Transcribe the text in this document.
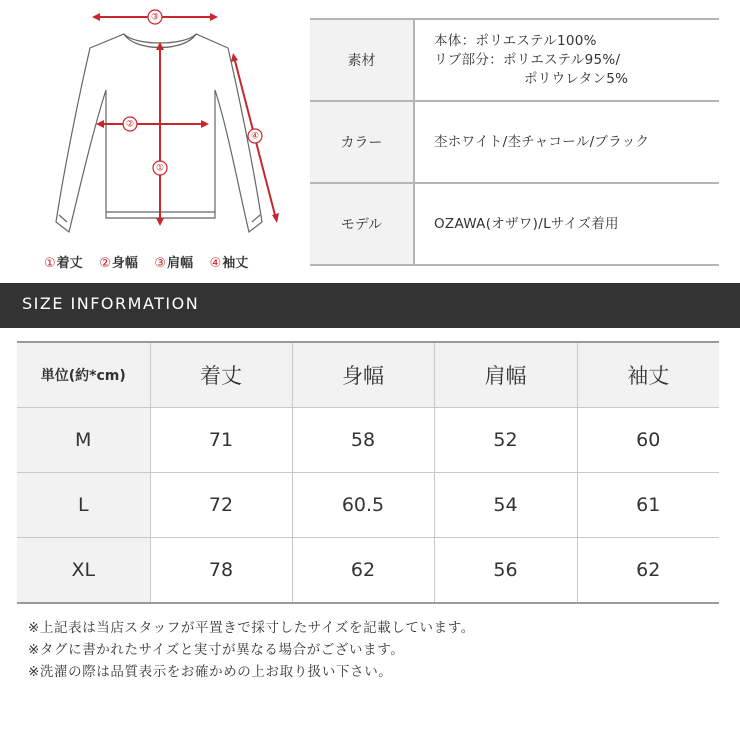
③
②
①
④
①着丈 ②身幅 ③肩幅 ④袖丈
素材	本体：ポリエステル100%
リブ部分：ポリエステル95%/
ポリウレタン5%

カラー	杢ホワイト/杢チャコール/ブラック
モデル	OZAWA(オザワ)/Lサイズ着用
SIZE INFORMATION
単位(約*cm)	着丈	身幅	肩幅	袖丈
M	71	58	52	60
L	72	60.5	54	61
XL	78	62	56	62
※上記表は当店スタッフが平置きで採寸したサイズを記載しています。
※タグに書かれたサイズと実寸が異なる場合がございます。
※洗濯の際は品質表示をお確かめの上お取り扱い下さい。
